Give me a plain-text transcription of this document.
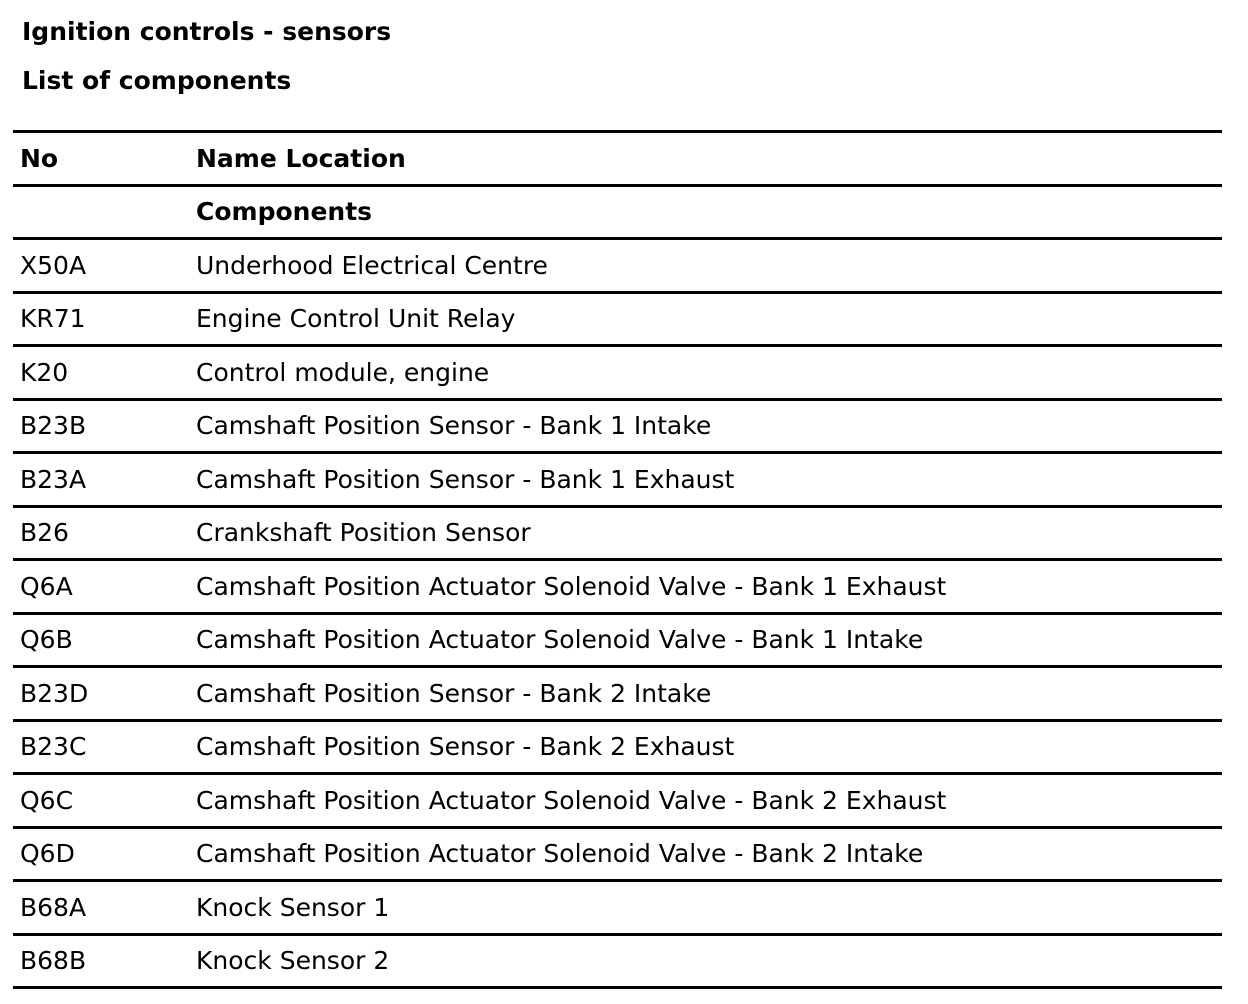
Ignition controls - sensors
List of components
No	Name Location
	Components
X50A	Underhood Electrical Centre
KR71	Engine Control Unit Relay
K20	Control module, engine
B23B	Camshaft Position Sensor - Bank 1 Intake
B23A	Camshaft Position Sensor - Bank 1 Exhaust
B26	Crankshaft Position Sensor
Q6A	Camshaft Position Actuator Solenoid Valve - Bank 1 Exhaust
Q6B	Camshaft Position Actuator Solenoid Valve - Bank 1 Intake
B23D	Camshaft Position Sensor - Bank 2 Intake
B23C	Camshaft Position Sensor - Bank 2 Exhaust
Q6C	Camshaft Position Actuator Solenoid Valve - Bank 2 Exhaust
Q6D	Camshaft Position Actuator Solenoid Valve - Bank 2 Intake
B68A	Knock Sensor 1
B68B	Knock Sensor 2
